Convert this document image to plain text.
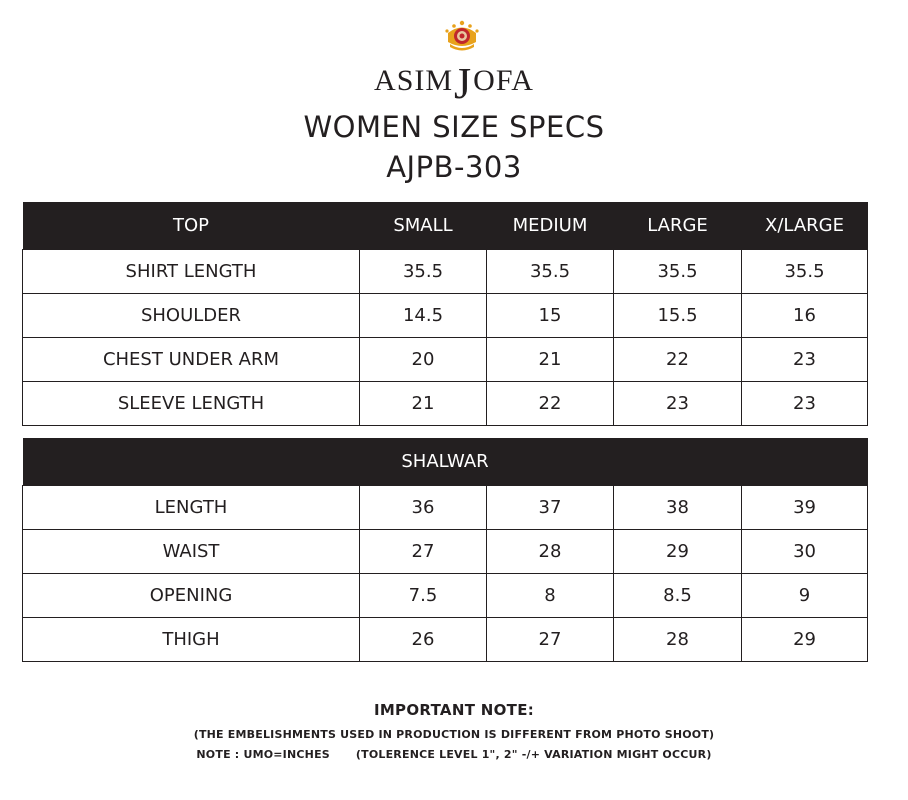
ASIMJOFA
WOMEN SIZE SPECS
AJPB-303
TOP	SMALL	MEDIUM	LARGE	X/LARGE
SHIRT LENGTH	35.5	35.5	35.5	35.5
SHOULDER	14.5	15	15.5	16
CHEST UNDER ARM	20	21	22	23
SLEEVE LENGTH	21	22	23	23
SHALWAR				
LENGTH	36	37	38	39
WAIST	27	28	29	30
OPENING	7.5	8	8.5	9
THIGH	26	27	28	29
IMPORTANT NOTE:
(THE EMBELISHMENTS USED IN PRODUCTION IS DIFFERENT FROM PHOTO SHOOT)
NOTE : UMO=INCHES (TOLERENCE LEVEL 1", 2" -/+ VARIATION MIGHT OCCUR)
